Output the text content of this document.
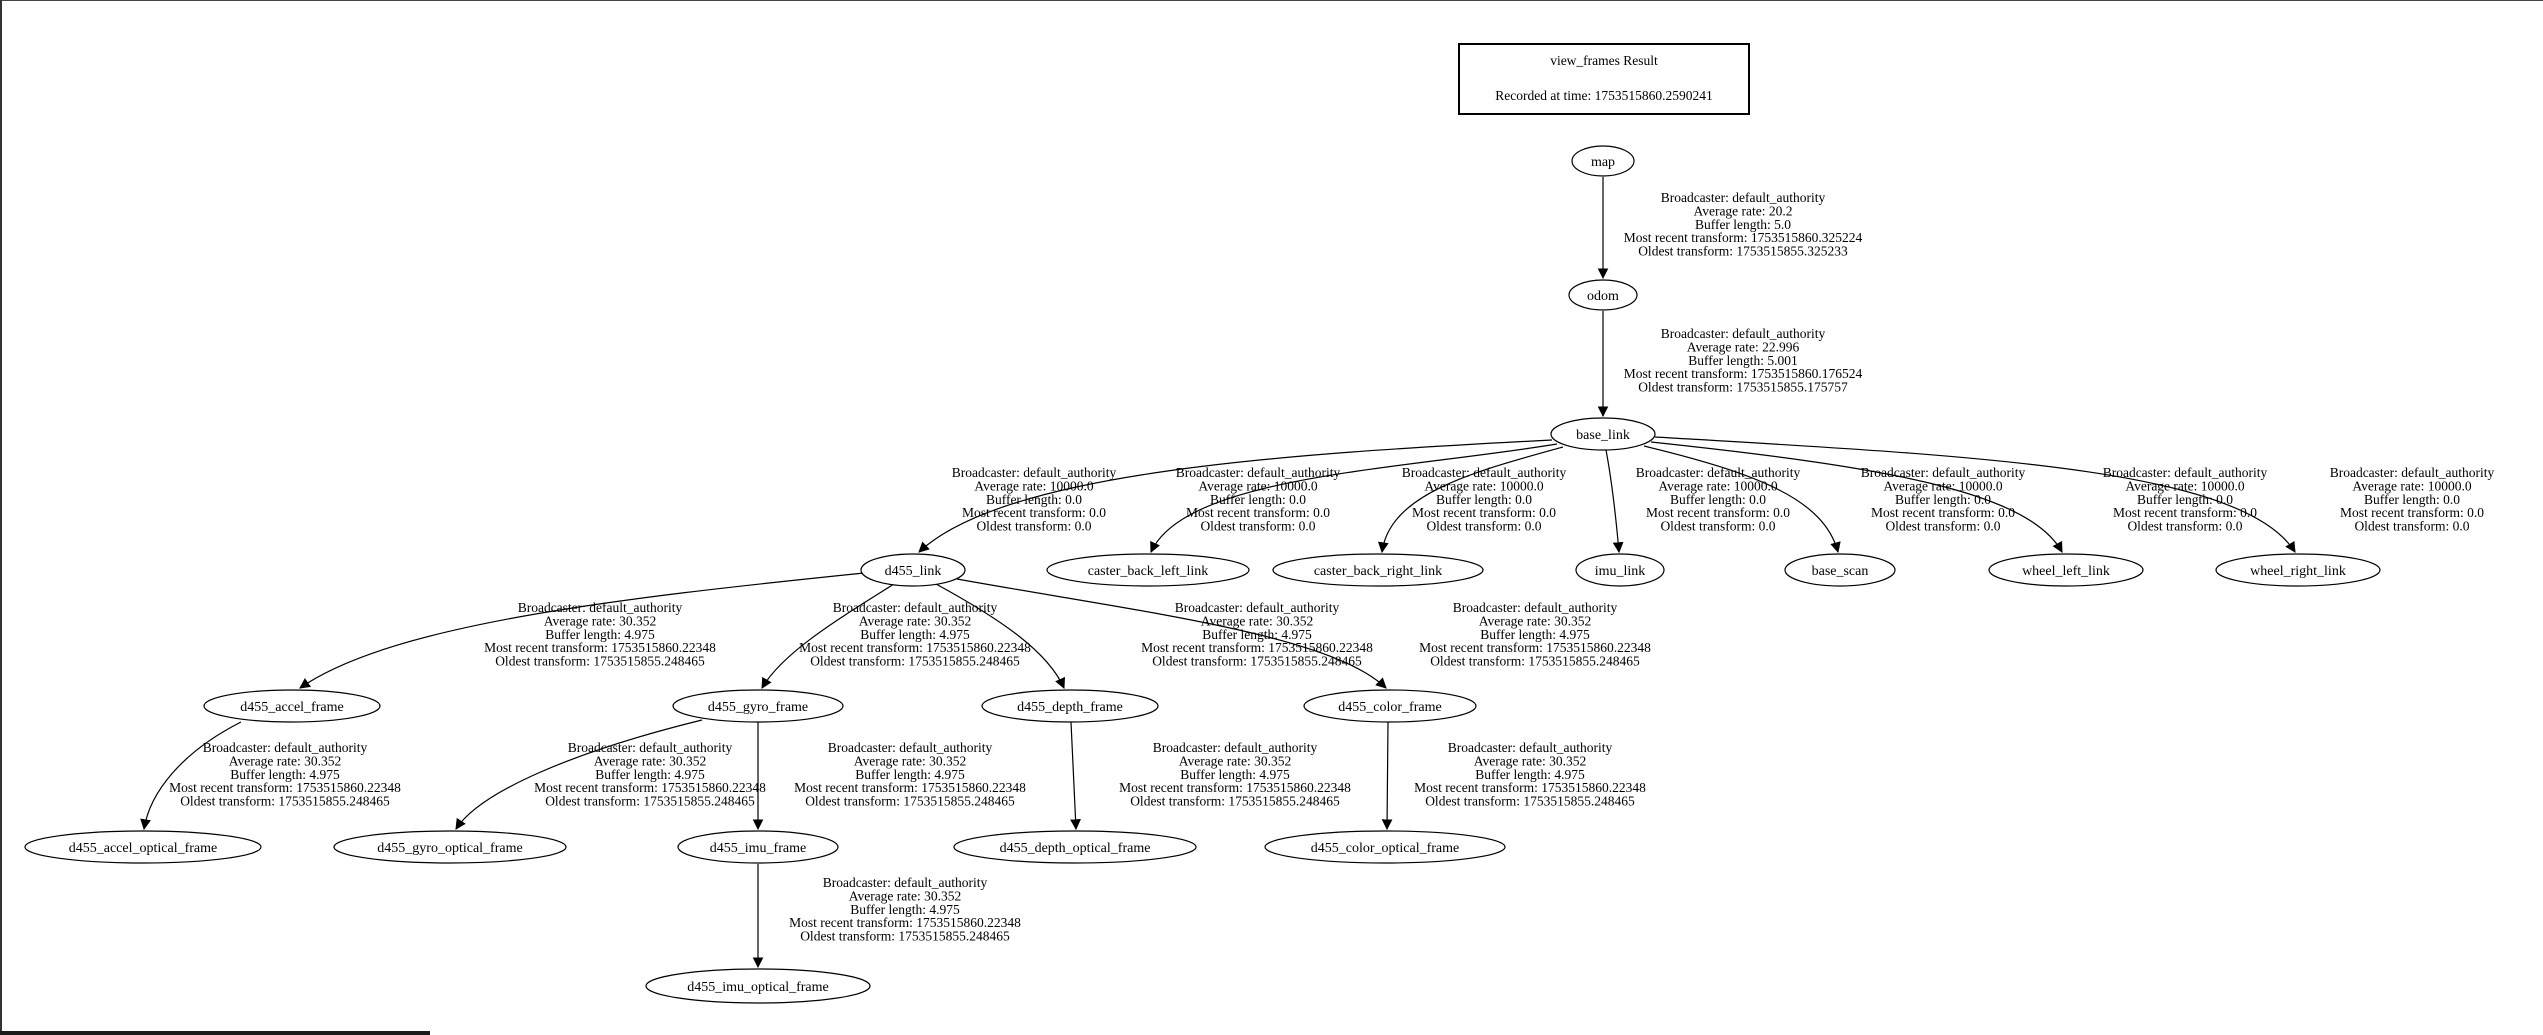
Broadcaster: default_authority Average rate: 20.2 Buffer length: 5.0 Most recent transform: 1753515860.325224 Oldest transform: 1753515855.325233
Broadcaster: default_authority Average rate: 22.996 Buffer length: 5.001 Most recent transform: 1753515860.176524 Oldest transform: 1753515855.175757
Broadcaster: default_authority Average rate: 10000.0 Buffer length: 0.0 Most recent transform: 0.0 Oldest transform: 0.0
Broadcaster: default_authority Average rate: 10000.0 Buffer length: 0.0 Most recent transform: 0.0 Oldest transform: 0.0
Broadcaster: default_authority Average rate: 10000.0 Buffer length: 0.0 Most recent transform: 0.0 Oldest transform: 0.0
Broadcaster: default_authority Average rate: 10000.0 Buffer length: 0.0 Most recent transform: 0.0 Oldest transform: 0.0
Broadcaster: default_authority Average rate: 10000.0 Buffer length: 0.0 Most recent transform: 0.0 Oldest transform: 0.0
Broadcaster: default_authority Average rate: 10000.0 Buffer length: 0.0 Most recent transform: 0.0 Oldest transform: 0.0
Broadcaster: default_authority Average rate: 10000.0 Buffer length: 0.0 Most recent transform: 0.0 Oldest transform: 0.0
Broadcaster: default_authority Average rate: 30.352 Buffer length: 4.975 Most recent transform: 1753515860.22348 Oldest transform: 1753515855.248465
Broadcaster: default_authority Average rate: 30.352 Buffer length: 4.975 Most recent transform: 1753515860.22348 Oldest transform: 1753515855.248465
Broadcaster: default_authority Average rate: 30.352 Buffer length: 4.975 Most recent transform: 1753515860.22348 Oldest transform: 1753515855.248465
Broadcaster: default_authority Average rate: 30.352 Buffer length: 4.975 Most recent transform: 1753515860.22348 Oldest transform: 1753515855.248465
Broadcaster: default_authority Average rate: 30.352 Buffer length: 4.975 Most recent transform: 1753515860.22348 Oldest transform: 1753515855.248465
Broadcaster: default_authority Average rate: 30.352 Buffer length: 4.975 Most recent transform: 1753515860.22348 Oldest transform: 1753515855.248465
Broadcaster: default_authority Average rate: 30.352 Buffer length: 4.975 Most recent transform: 1753515860.22348 Oldest transform: 1753515855.248465
Broadcaster: default_authority Average rate: 30.352 Buffer length: 4.975 Most recent transform: 1753515860.22348 Oldest transform: 1753515855.248465
Broadcaster: default_authority Average rate: 30.352 Buffer length: 4.975 Most recent transform: 1753515860.22348 Oldest transform: 1753515855.248465
Broadcaster: default_authority Average rate: 30.352 Buffer length: 4.975 Most recent transform: 1753515860.22348 Oldest transform: 1753515855.248465
map
odom
base_link
d455_link	caster_back_left_link	caster_back_right_link	imu_link	base_scan	wheel_left_link	wheel_right_link
d455_accel_frame	d455_gyro_frame	d455_depth_frame	d455_color_frame
d455_accel_optical_frame	d455_gyro_optical_frame	d455_imu_frame	d455_depth_optical_frame	d455_color_optical_frame
d455_imu_optical_frame
view_frames Result
Recorded at time: 1753515860.2590241
